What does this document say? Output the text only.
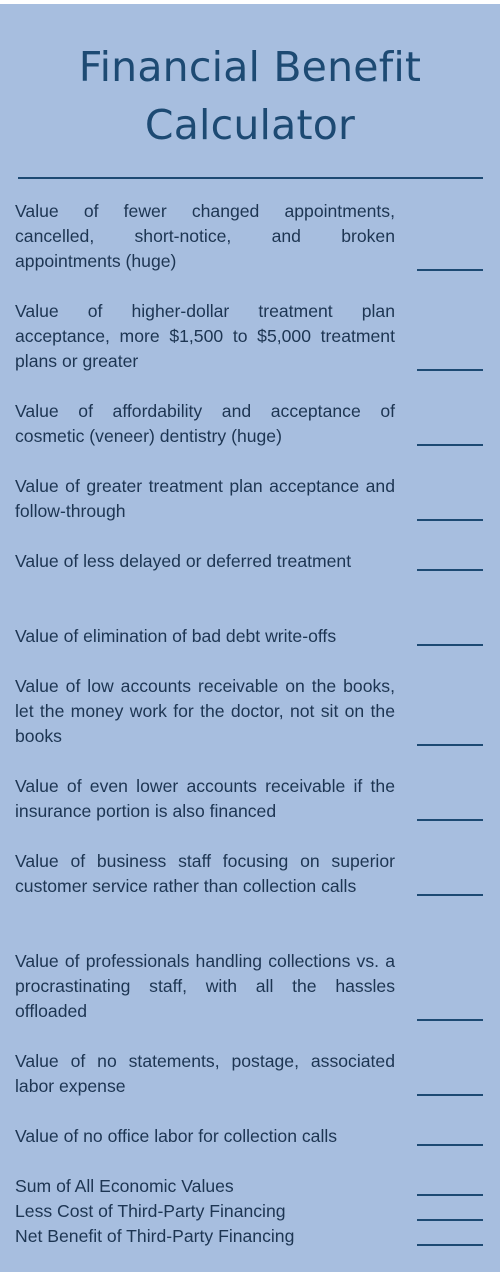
Financial Benefit
Calculator

Value of fewer changed appointments, cancelled, short-notice, and broken appointments (huge)

Value of higher-dollar treatment plan acceptance, more $1,500 to $5,000 treatment plans or greater

Value of affordability and acceptance of cosmetic (veneer) dentistry (huge)

Value of greater treatment plan acceptance and follow-through

Value of less delayed or deferred treatment

Value of elimination of bad debt write-offs

Value of low accounts receivable on the books, let the money work for the doctor, not sit on the books

Value of even lower accounts receivable if the insurance portion is also financed

Value of business staff focusing on superior customer service rather than collection calls

Value of professionals handling collections vs. a procrastinating staff, with all the hassles offloaded

Value of no statements, postage, associated labor expense

Value of no office labor for collection calls

Sum of All Economic Values

Less Cost of Third-Party Financing

Net Benefit of Third-Party Financing
